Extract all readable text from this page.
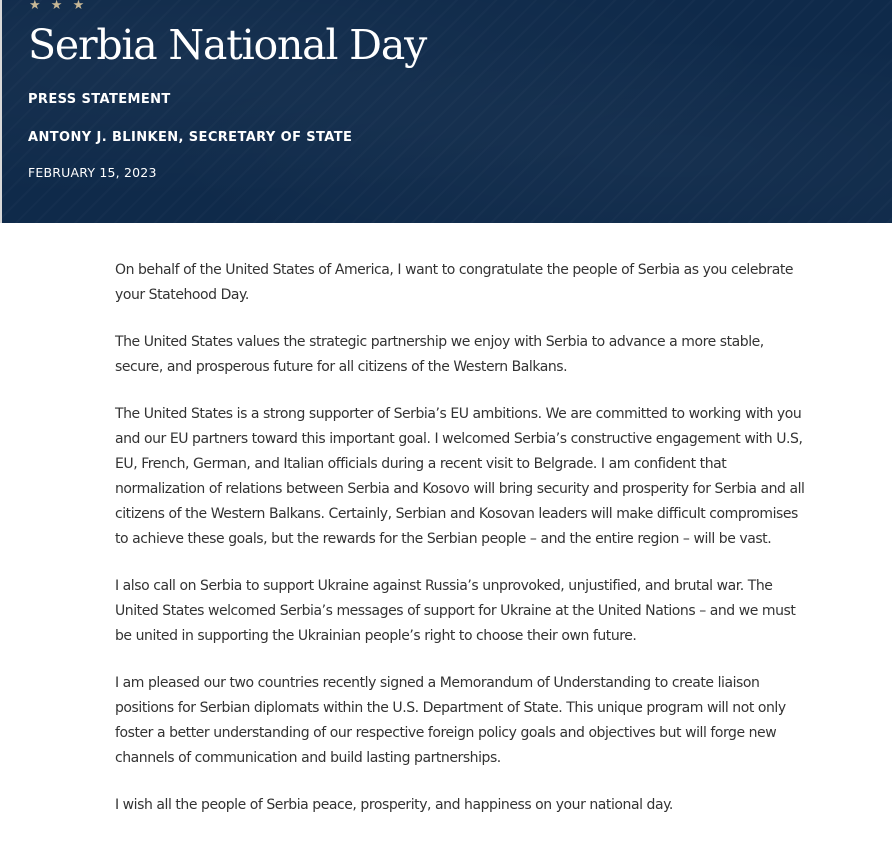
★ ★ ★
Serbia National Day
PRESS STATEMENT
ANTONY J. BLINKEN, SECRETARY OF STATE
FEBRUARY 15, 2023

On behalf of the United States of America, I want to congratulate the people of Serbia as you celebrate your Statehood Day.

The United States values the strategic partnership we enjoy with Serbia to advance a more stable, secure, and prosperous future for all citizens of the Western Balkans.

The United States is a strong supporter of Serbia’s EU ambitions. We are committed to working with you and our EU partners toward this important goal. I welcomed Serbia’s constructive engagement with U.S, EU, French, German, and Italian officials during a recent visit to Belgrade. I am confident that normalization of relations between Serbia and Kosovo will bring security and prosperity for Serbia and all citizens of the Western Balkans. Certainly, Serbian and Kosovan leaders will make difficult compromises to achieve these goals, but the rewards for the Serbian people – and the entire region – will be vast.

I also call on Serbia to support Ukraine against Russia’s unprovoked, unjustified, and brutal war. The United States welcomed Serbia’s messages of support for Ukraine at the United Nations – and we must be united in supporting the Ukrainian people’s right to choose their own future.

I am pleased our two countries recently signed a Memorandum of Understanding to create liaison positions for Serbian diplomats within the U.S. Department of State. This unique program will not only foster a better understanding of our respective foreign policy goals and objectives but will forge new channels of communication and build lasting partnerships.

I wish all the people of Serbia peace, prosperity, and happiness on your national day.
